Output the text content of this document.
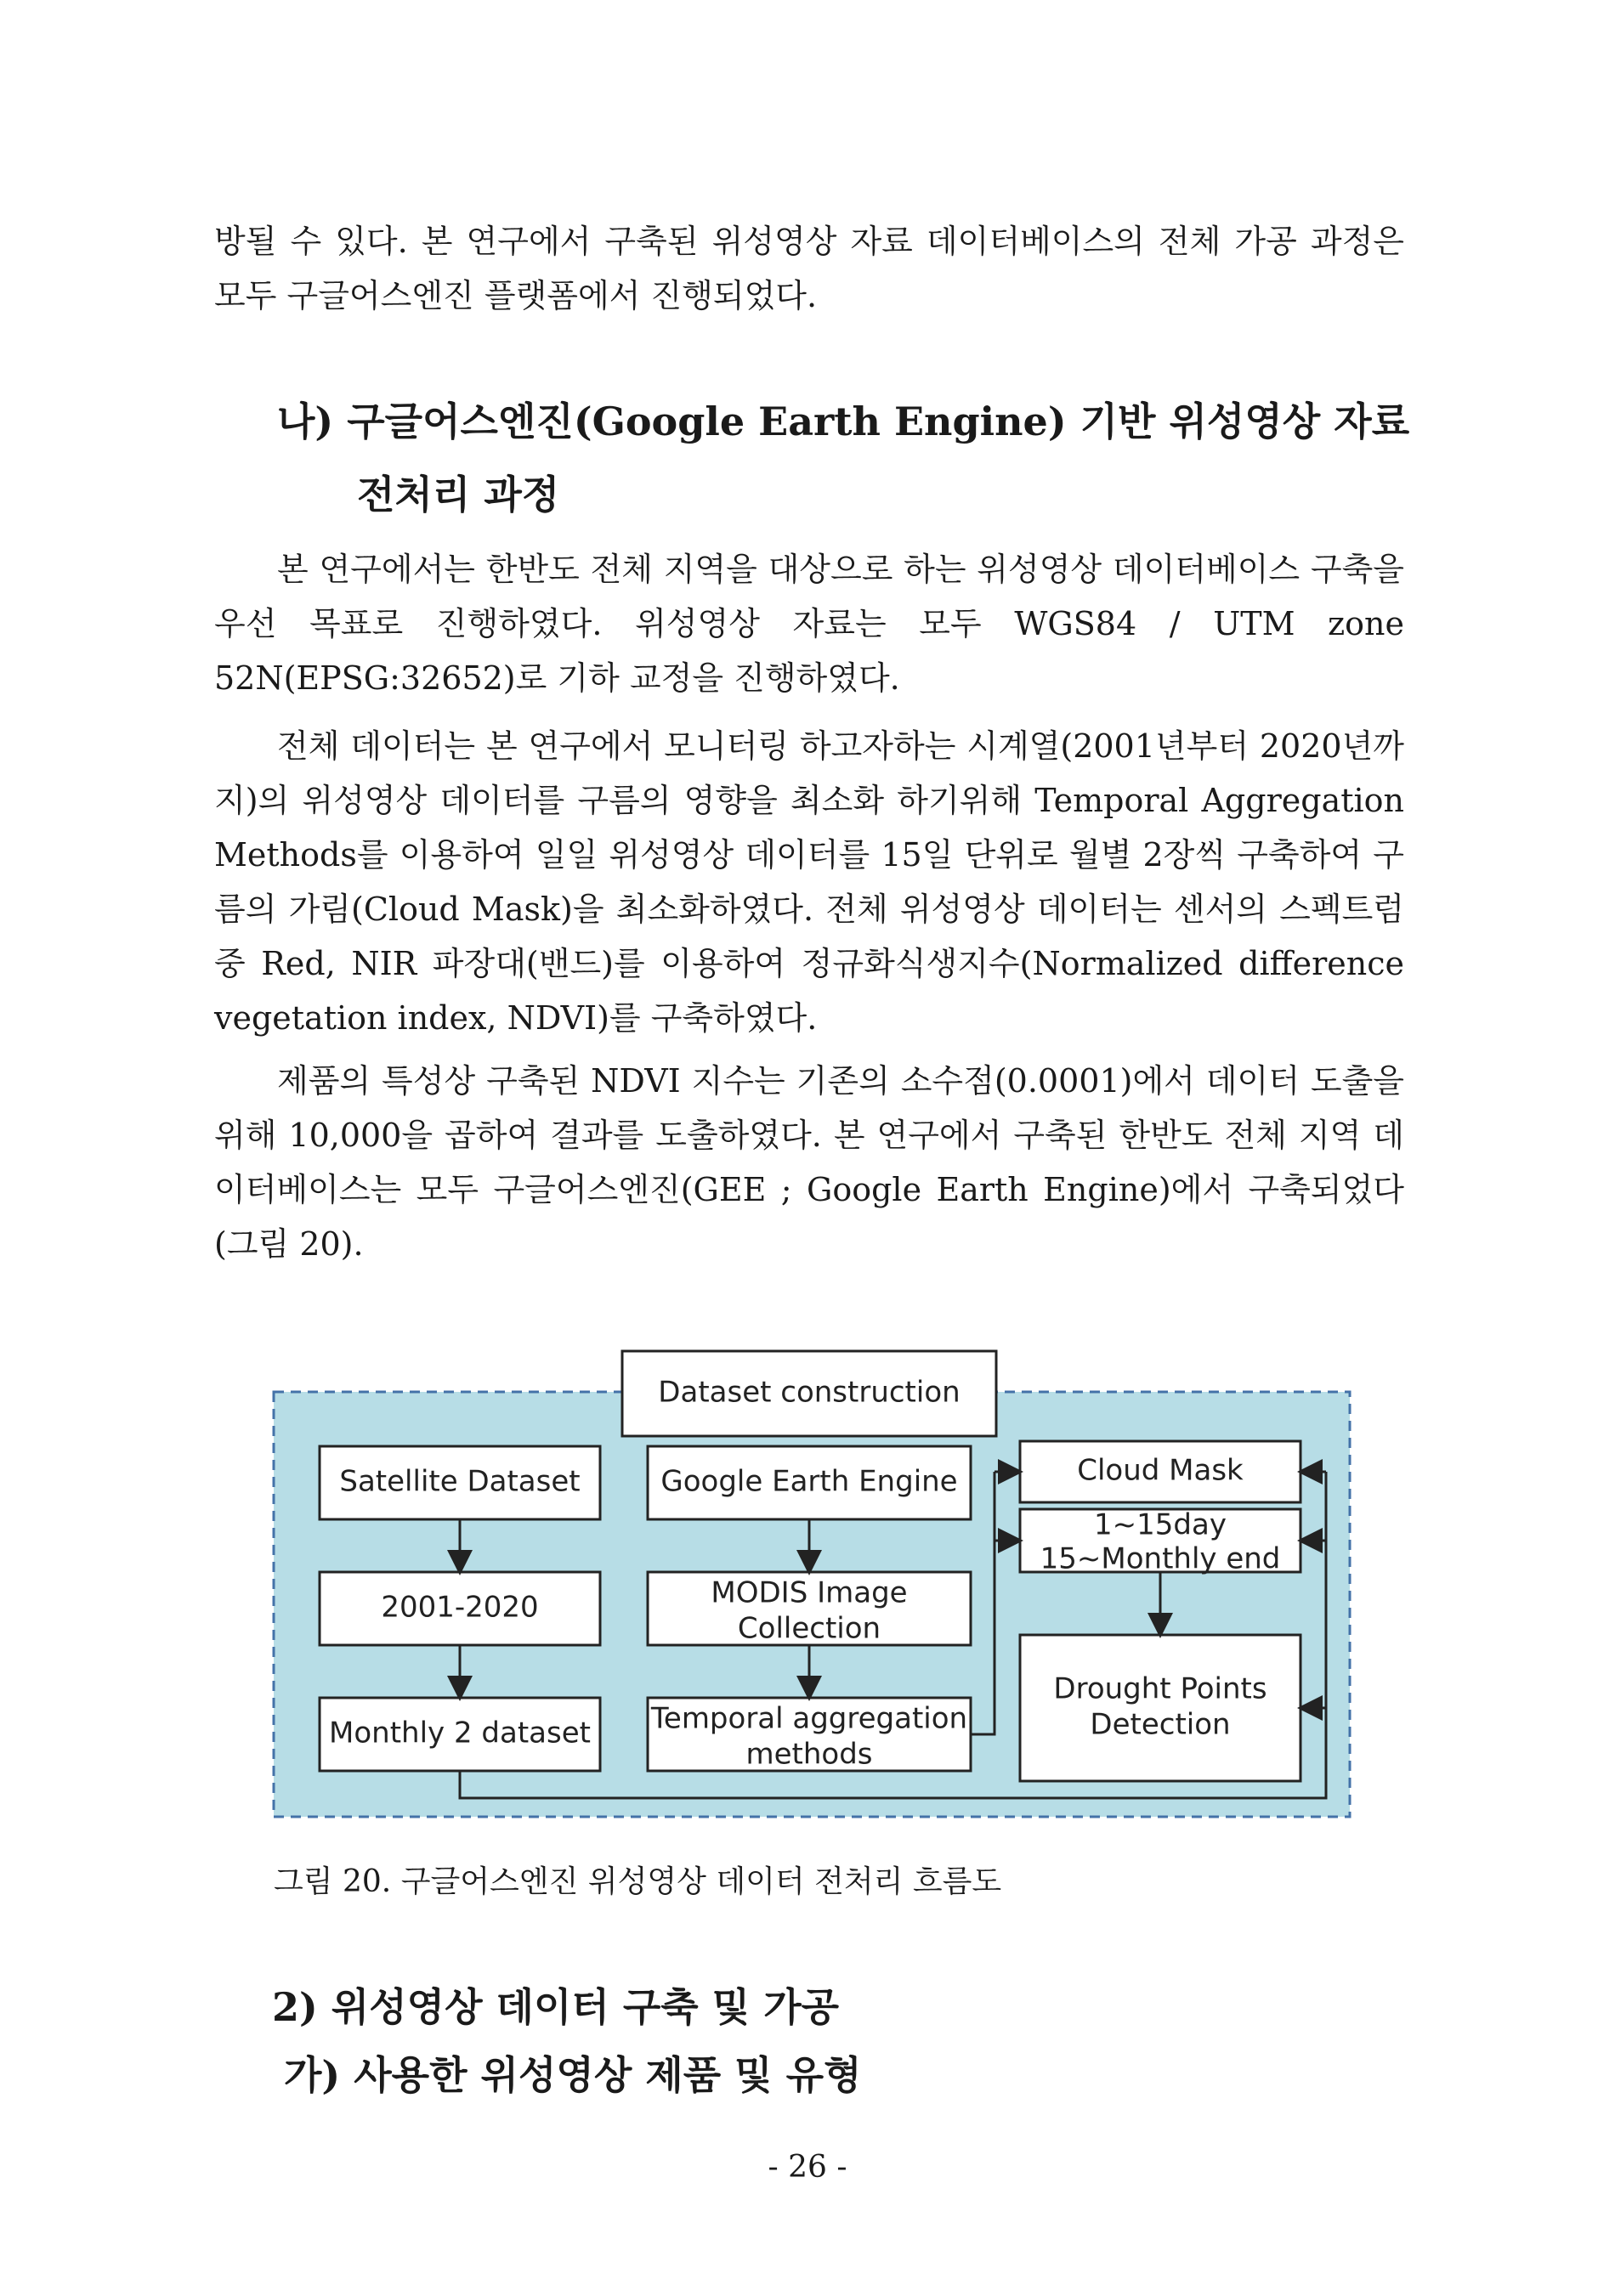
방될 수 있다. 본 연구에서 구축된 위성영상 자료 데이터베이스의 전체 가공 과정은 모두 구글어스엔진 플랫폼에서 진행되었다.

나) 구글어스엔진(Google Earth Engine) 기반 위성영상 자료
전처리 과정

본 연구에서는 한반도 전체 지역을 대상으로 하는 위성영상 데이터베이스 구축을 우선 목표로 진행하였다. 위성영상 자료는 모두 WGS84 / UTM zone 52N(EPSG:32652)로 기하 교정을 진행하였다.

전체 데이터는 본 연구에서 모니터링 하고자하는 시계열(2001년부터 2020년까지)의 위성영상 데이터를 구름의 영향을 최소화 하기위해 Temporal Aggregation Methods를 이용하여 일일 위성영상 데이터를 15일 단위로 월별 2장씩 구축하여 구름의 가림(Cloud Mask)을 최소화하였다. 전체 위성영상 데이터는 센서의 스펙트럼 중 Red, NIR 파장대(밴드)를 이용하여 정규화식생지수(Normalized difference vegetation index, NDVI)를 구축하였다.

제품의 특성상 구축된 NDVI 지수는 기존의 소수점(0.0001)에서 데이터 도출을 위해 10,000을 곱하여 결과를 도출하였다. 본 연구에서 구축된 한반도 전체 지역 데이터베이스는 모두 구글어스엔진(GEE ; Google Earth Engine)에서 구축되었다(그림 20).

Dataset construction
Satellite Dataset
2001-2020
Monthly 2 dataset
Google Earth Engine
MODIS Image
Collection
Temporal aggregation
methods
Cloud Mask
1~15day
15~Monthly end
Drought Points
Detection
그림 20. 구글어스엔진 위성영상 데이터 전처리 흐름도
2) 위성영상 데이터 구축 및 가공
가) 사용한 위성영상 제품 및 유형
- 26 -
